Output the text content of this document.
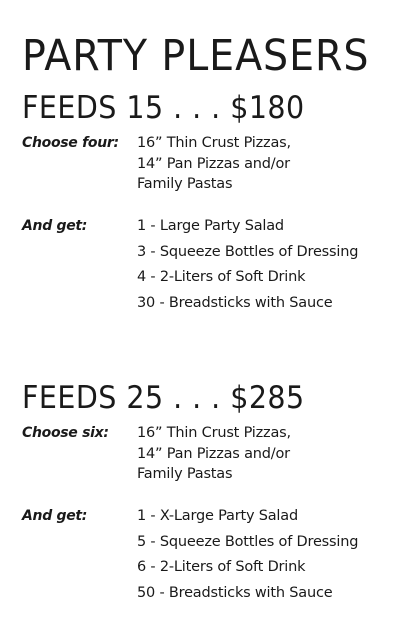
PARTY PLEASERS
FEEDS 15 . . . $180
Choose four: 16” Thin Crust Pizzas,
14” Pan Pizzas and/or
Family Pastas
And get:	1 - Large Party Salad
3 - Squeeze Bottles of Dressing
4 - 2-Liters of Soft Drink
30 - Breadsticks with Sauce
FEEDS 25 . . . $285
Choose six: 16” Thin Crust Pizzas,
14” Pan Pizzas and/or
Family Pastas
And get:	1 - X-Large Party Salad
5 - Squeeze Bottles of Dressing
6 - 2-Liters of Soft Drink
50 - Breadsticks with Sauce
